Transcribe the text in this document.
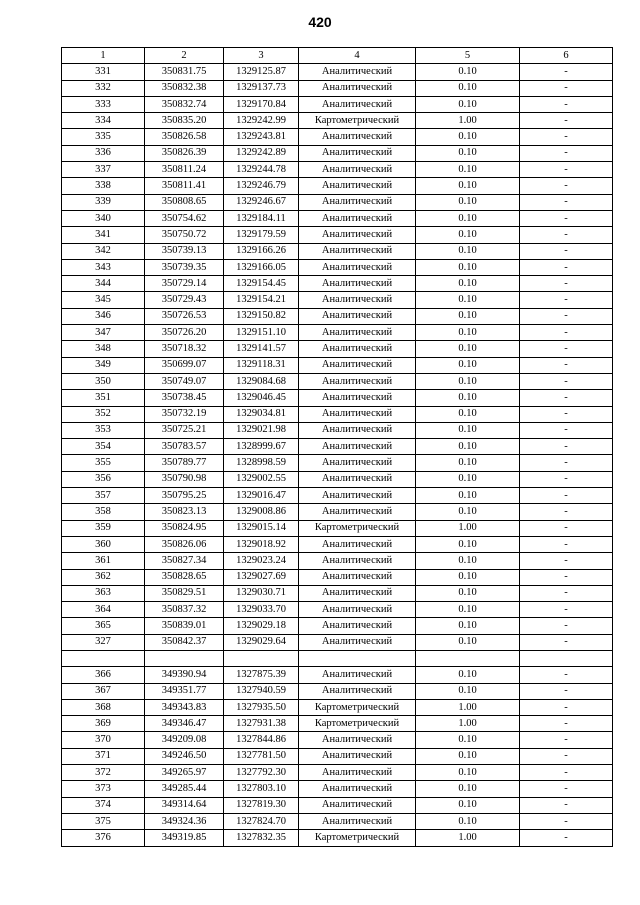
420
1	2	3	4	5	6
331	350831.75	1329125.87	Аналитический	0.10	-
332	350832.38	1329137.73	Аналитический	0.10	-
333	350832.74	1329170.84	Аналитический	0.10	-
334	350835.20	1329242.99	Картометрический	1.00	-
335	350826.58	1329243.81	Аналитический	0.10	-
336	350826.39	1329242.89	Аналитический	0.10	-
337	350811.24	1329244.78	Аналитический	0.10	-
338	350811.41	1329246.79	Аналитический	0.10	-
339	350808.65	1329246.67	Аналитический	0.10	-
340	350754.62	1329184.11	Аналитический	0.10	-
341	350750.72	1329179.59	Аналитический	0.10	-
342	350739.13	1329166.26	Аналитический	0.10	-
343	350739.35	1329166.05	Аналитический	0.10	-
344	350729.14	1329154.45	Аналитический	0.10	-
345	350729.43	1329154.21	Аналитический	0.10	-
346	350726.53	1329150.82	Аналитический	0.10	-
347	350726.20	1329151.10	Аналитический	0.10	-
348	350718.32	1329141.57	Аналитический	0.10	-
349	350699.07	1329118.31	Аналитический	0.10	-
350	350749.07	1329084.68	Аналитический	0.10	-
351	350738.45	1329046.45	Аналитический	0.10	-
352	350732.19	1329034.81	Аналитический	0.10	-
353	350725.21	1329021.98	Аналитический	0.10	-
354	350783.57	1328999.67	Аналитический	0.10	-
355	350789.77	1328998.59	Аналитический	0.10	-
356	350790.98	1329002.55	Аналитический	0.10	-
357	350795.25	1329016.47	Аналитический	0.10	-
358	350823.13	1329008.86	Аналитический	0.10	-
359	350824.95	1329015.14	Картометрический	1.00	-
360	350826.06	1329018.92	Аналитический	0.10	-
361	350827.34	1329023.24	Аналитический	0.10	-
362	350828.65	1329027.69	Аналитический	0.10	-
363	350829.51	1329030.71	Аналитический	0.10	-
364	350837.32	1329033.70	Аналитический	0.10	-
365	350839.01	1329029.18	Аналитический	0.10	-
327	350842.37	1329029.64	Аналитический	0.10	-

366	349390.94	1327875.39	Аналитический	0.10	-
367	349351.77	1327940.59	Аналитический	0.10	-
368	349343.83	1327935.50	Картометрический	1.00	-
369	349346.47	1327931.38	Картометрический	1.00	-
370	349209.08	1327844.86	Аналитический	0.10	-
371	349246.50	1327781.50	Аналитический	0.10	-
372	349265.97	1327792.30	Аналитический	0.10	-
373	349285.44	1327803.10	Аналитический	0.10	-
374	349314.64	1327819.30	Аналитический	0.10	-
375	349324.36	1327824.70	Аналитический	0.10	-
376	349319.85	1327832.35	Картометрический	1.00	-
